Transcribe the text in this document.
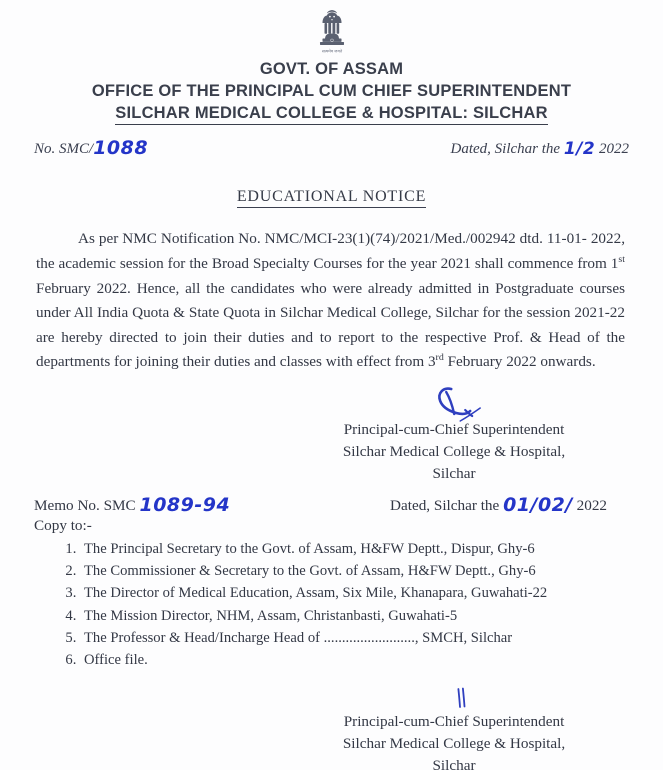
सत्यमेव जयते
GOVT. OF ASSAM
OFFICE OF THE PRINCIPAL CUM CHIEF SUPERINTENDENT
SILCHAR MEDICAL COLLEGE & HOSPITAL: SILCHAR
No. SMC/1088	Dated, Silchar the 1/2 2022
EDUCATIONAL NOTICE
As per NMC Notification No. NMC/MCI-23(1)(74)/2021/Med./002942 dtd. 11-01- 2022, the academic session for the Broad Specialty Courses for the year 2021 shall commence from 1st February 2022. Hence, all the candidates who were already admitted in Postgraduate courses under All India Quota & State Quota in Silchar Medical College, Silchar for the session 2021-22 are hereby directed to join their duties and to report to the respective Prof. & Head of the departments for joining their duties and classes with effect from 3rd February 2022 onwards.
Principal-cum-Chief Superintendent
Silchar Medical College & Hospital,
Silchar
Memo No. SMC 1089-94	Dated, Silchar the 01/02/ 2022
Copy to:-
1. The Principal Secretary to the Govt. of Assam, H&FW Deptt., Dispur, Ghy-6
2. The Commissioner & Secretary to the Govt. of Assam, H&FW Deptt., Ghy-6
3. The Director of Medical Education, Assam, Six Mile, Khanapara, Guwahati-22
4. The Mission Director, NHM, Assam, Christanbasti, Guwahati-5
5. The Professor & Head/Incharge Head of ........................., SMCH, Silchar
6. Office file.
Principal-cum-Chief Superintendent
Silchar Medical College & Hospital,
Silchar
